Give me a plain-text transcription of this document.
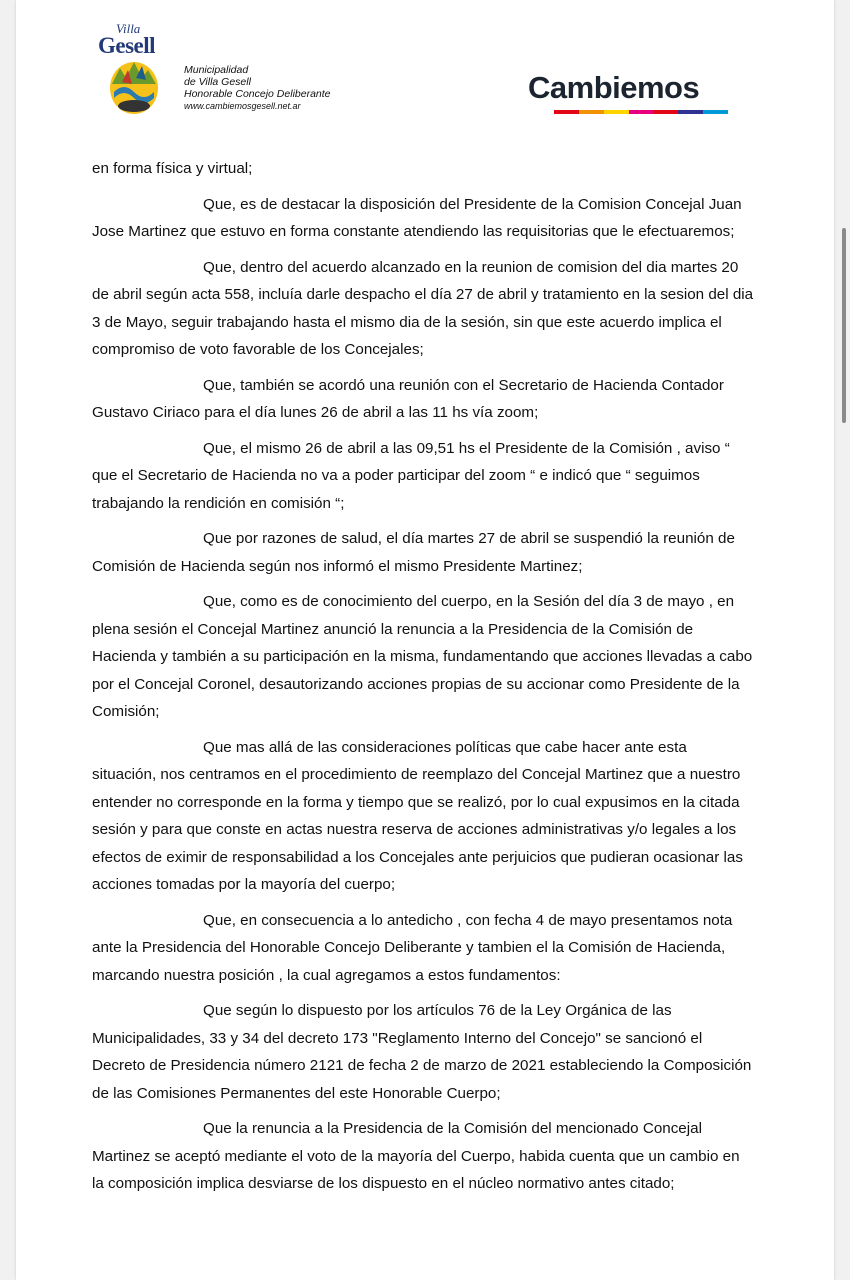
Villa
Gesell
Municipalidad
de Villa Gesell
Honorable Concejo Deliberante
www.cambiemosgesell.net.ar
Cambiemos

en forma física y virtual;

Que, es de destacar la disposición del Presidente de la Comision Concejal Juan Jose Martinez que estuvo en forma constante atendiendo las requisitorias que le efectuaremos;

Que, dentro del acuerdo alcanzado en la reunion de comision del dia martes 20 de abril según acta 558, incluía darle despacho el día 27 de abril y tratamiento en la sesion del dia 3 de Mayo, seguir trabajando hasta el mismo dia de la sesión, sin que este acuerdo implica el compromiso de voto favorable de los Concejales;

Que, también se acordó una reunión con el Secretario de Hacienda Contador Gustavo Ciriaco para el día lunes 26 de abril a las 11 hs vía zoom;

Que, el mismo 26 de abril a las 09,51 hs el Presidente de la Comisión , aviso “ que el Secretario de Hacienda no va a poder participar del zoom “ e indicó que “ seguimos trabajando la rendición en comisión “;

Que por razones de salud, el día martes 27 de abril se suspendió la reunión de Comisión de Hacienda según nos informó el mismo Presidente Martinez;

Que, como es de conocimiento del cuerpo, en la Sesión del día 3 de mayo , en plena sesión el Concejal Martinez anunció la renuncia a la Presidencia de la Comisión de Hacienda y también a su participación en la misma, fundamentando que acciones llevadas a cabo por el Concejal Coronel, desautorizando acciones propias de su accionar como Presidente de la Comisión;

Que mas allá de las consideraciones políticas que cabe hacer ante esta situación, nos centramos en el procedimiento de reemplazo del Concejal Martinez que a nuestro entender no corresponde en la forma y tiempo que se realizó, por lo cual expusimos en la citada sesión y para que conste en actas nuestra reserva de acciones administrativas y/o legales a los efectos de eximir de responsabilidad a los Concejales ante perjuicios que pudieran ocasionar las acciones tomadas por la mayoría del cuerpo;

Que, en consecuencia a lo antedicho , con fecha 4 de mayo presentamos nota ante la Presidencia del Honorable Concejo Deliberante y tambien el la Comisión de Hacienda, marcando nuestra posición , la cual agregamos a estos fundamentos:

Que según lo dispuesto por los artículos 76 de la Ley Orgánica de las Municipalidades, 33 y 34 del decreto 173 "Reglamento Interno del Concejo" se sancionó el Decreto de Presidencia número 2121 de fecha 2 de marzo de 2021 estableciendo la Composición de las Comisiones Permanentes del este Honorable Cuerpo;

Que la renuncia a la Presidencia de la Comisión del mencionado Concejal Martinez se aceptó mediante el voto de la mayoría del Cuerpo, habida cuenta que un cambio en la composición implica desviarse de los dispuesto en el núcleo normativo antes citado;
